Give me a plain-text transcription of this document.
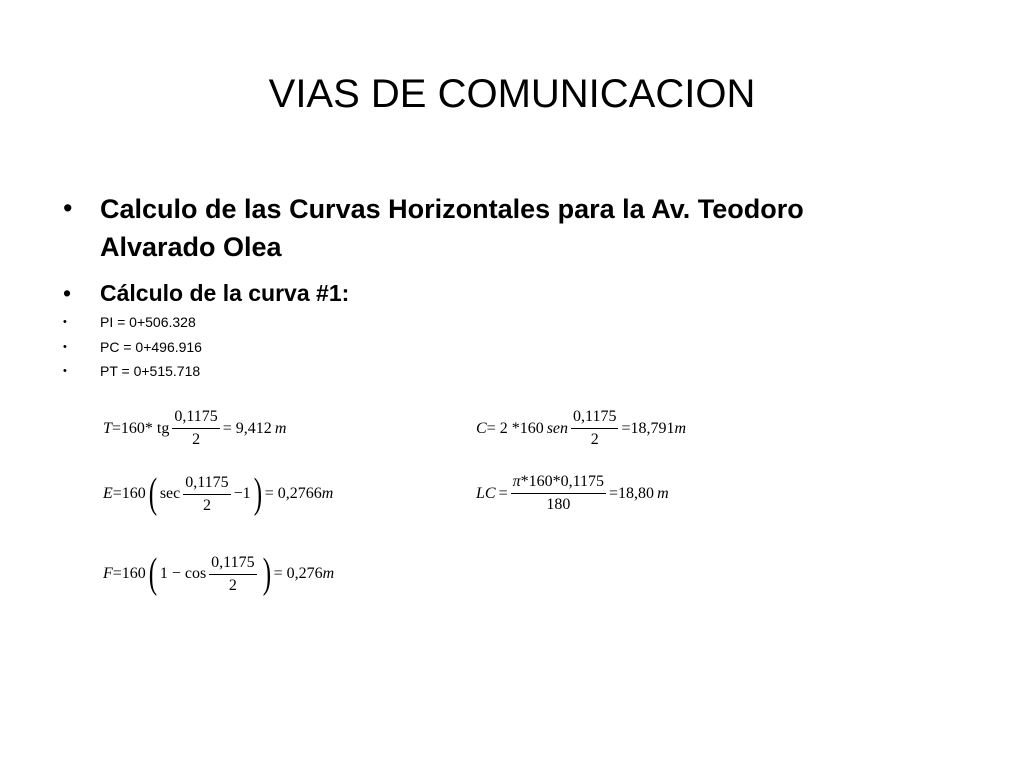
VIAS DE COMUNICACION
• Calculo de las Curvas Horizontales para la Av. Teodoro Alvarado Olea
• Cálculo de la curva #1:
• PI = 0+506.328
• PC = 0+496.916
• PT = 0+515.718
T =160* tg $\frac{0,1175}{2} = 9,412$ m	C = 2 *160 sen $\frac{0,1175}{2} =18,791$ m
E =160 ( $\sec \frac{0,1175}{2} -1$ ) = 0,2766 m	LC = $\frac{\pi*160*0,1175}{180} =18,80$ m
F =160 ( $1 - \cos \frac{0,1175}{2}$ ) = 0,276 m
